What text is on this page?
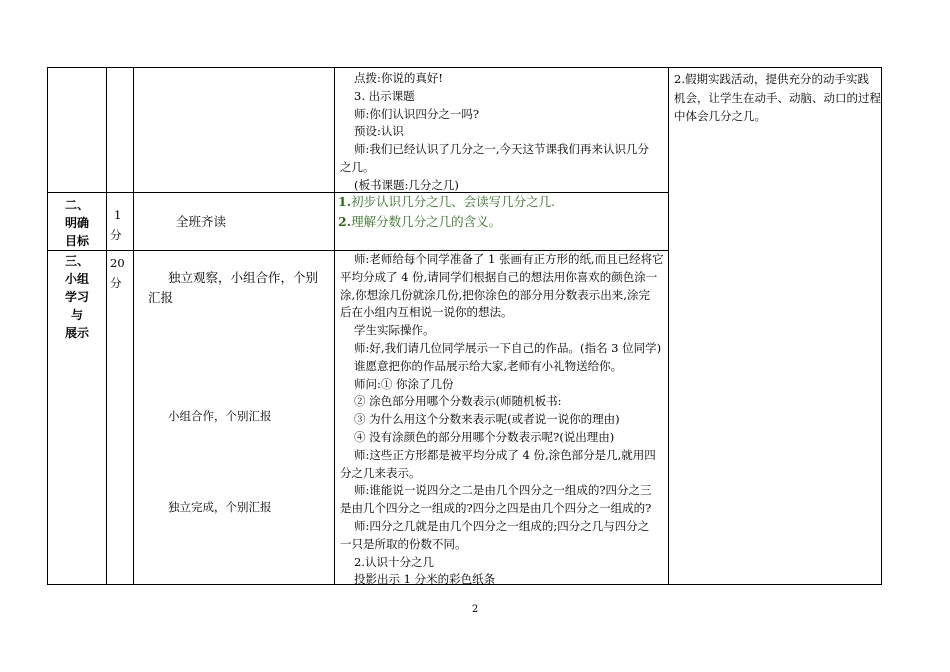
点拨:你说的真好!
3. 出示课题
师:你们认识四分之一吗?
预设:认识
师:我们已经认识了几分之一,今天这节课我们再来认识几分
之几。
(板书课题:几分之几)
二、
明确
目标
1
分
全班齐读
1.初步认识几分之几、会读写几分之几.
2.理解分数几分之几的含义。
三、
小组
学习
与
展示
20
分	独立观察，小组合作，个别
汇报
小组合作，个别汇报
独立完成，个别汇报
师:老师给每个同学准备了 1 张画有正方形的纸,而且已经将它
平均分成了 4 份,请同学们根据自己的想法用你喜欢的颜色涂一
涂,你想涂几份就涂几份,把你涂色的部分用分数表示出来,涂完
后在小组内互相说一说你的想法。
学生实际操作。
师:好,我们请几位同学展示一下自己的作品。(指名 3 位同学)
谁愿意把你的作品展示给大家,老师有小礼物送给你。
师问:① 你涂了几份
② 涂色部分用哪个分数表示(师随机板书:
③ 为什么用这个分数来表示呢(或者说一说你的理由)
④ 没有涂颜色的部分用哪个分数表示呢?(说出理由)
师:这些正方形都是被平均分成了 4 份,涂色部分是几,就用四
分之几来表示。
师:谁能说一说四分之二是由几个四分之一组成的?四分之三
是由几个四分之一组成的?四分之四是由几个四分之一组成的?
师:四分之几就是由几个四分之一组成的;四分之几与四分之
一只是所取的份数不同。
2.认识十分之几
投影出示 1 分米的彩色纸条
2.假期实践活动，提供充分的动手实践
机会，让学生在动手、动脑、动口的过程
中体会几分之几。
2
